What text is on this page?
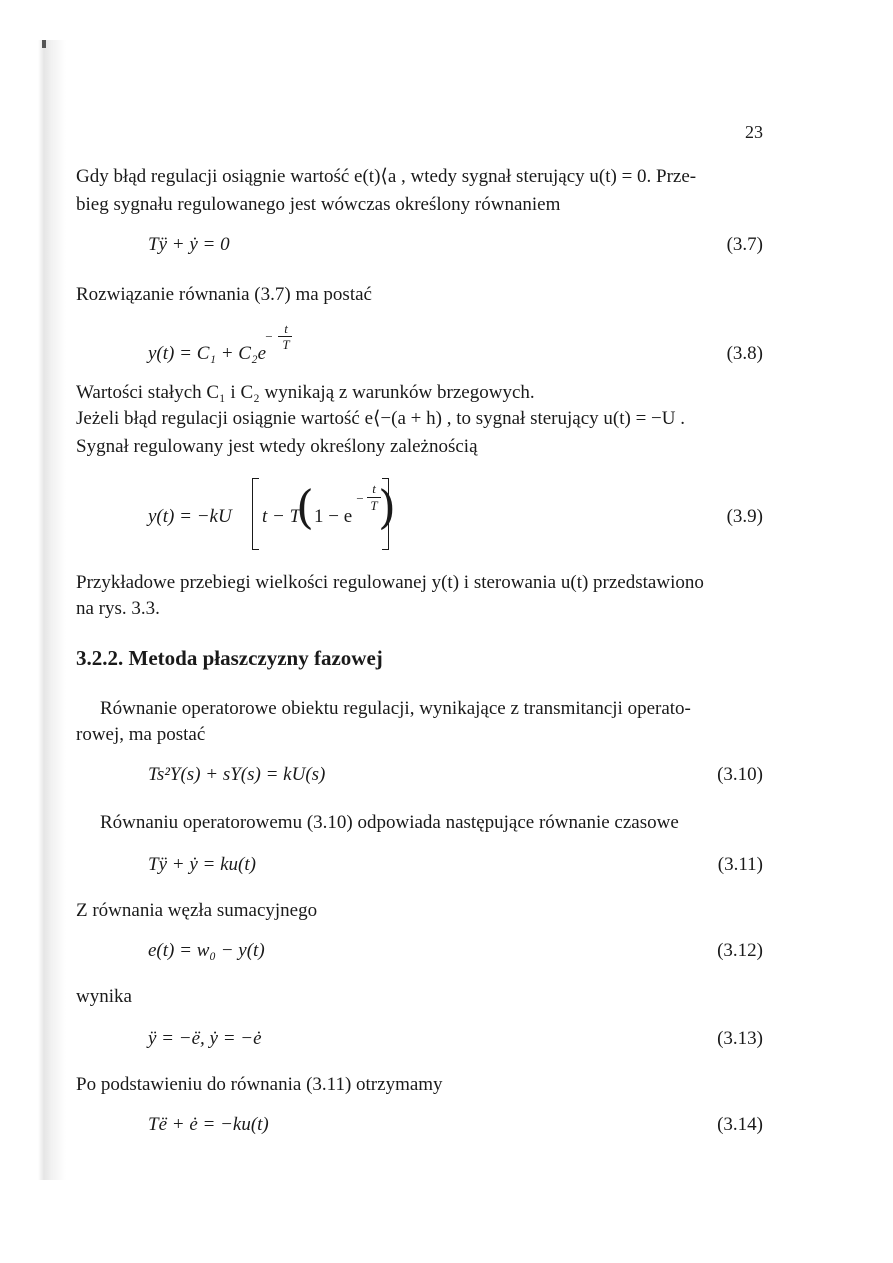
23
Gdy błąd regulacji osiągnie wartość e(t)⟨a , wtedy sygnał sterujący u(t) = 0. Prze-
bieg sygnału regulowanego jest wówczas określony równaniem
Tÿ + ẏ = 0	(3.7)
Rozwiązanie równania (3.7) ma postać
y(t) = C₁ + C₂e
t
−
T	(3.8)
Wartości stałych C₁ i C₂ wynikają z warunków brzegowych.
Jeżeli błąd regulacji osiągnie wartość e⟨−(a + h) , to sygnał sterujący u(t) = −U .
Sygnał regulowany jest wtedy określony zależnością
y(t) = −kU t − T
( 1 − e
−
t
T )	(3.9)
Przykładowe przebiegi wielkości regulowanej y(t) i sterowania u(t) przedstawiono
na rys. 3.3.
3.2.2. Metoda płaszczyzny fazowej
Równanie operatorowe obiektu regulacji, wynikające z transmitancji operato-
rowej, ma postać
Ts²Y(s) + sY(s) = kU(s)	(3.10)
Równaniu operatorowemu (3.10) odpowiada następujące równanie czasowe
Tÿ + ẏ = ku(t)	(3.11)
Z równania węzła sumacyjnego
e(t) = w₀ − y(t)	(3.12)
wynika
ÿ = −ë, ẏ = −ė	(3.13)
Po podstawieniu do równania (3.11) otrzymamy
Të + ė = −ku(t)	(3.14)
